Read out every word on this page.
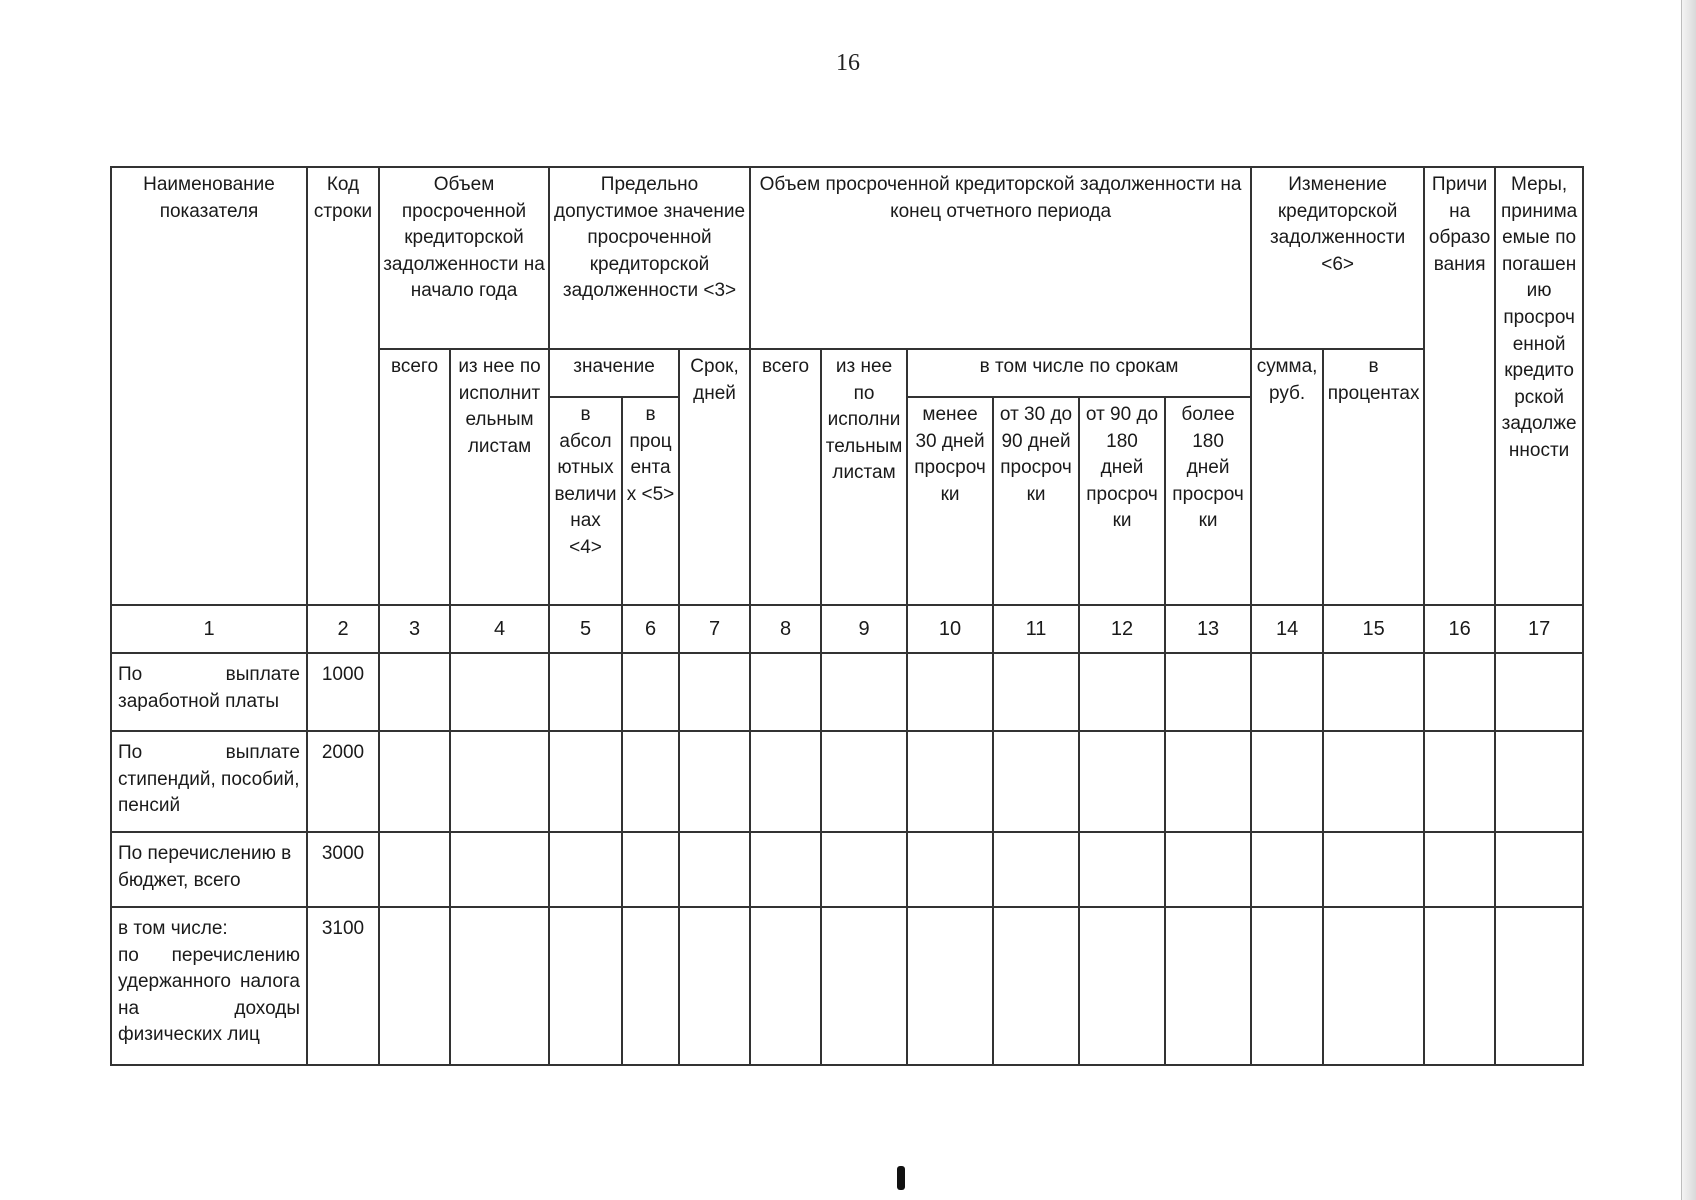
16
Наименование показателя	Код строки	Объем просроченной кредиторской задолженности на начало года		Предельно допустимое значение просроченной кредиторской задолженности <3>			Объем просроченной кредиторской задолженности на конец отчетного периода						Изменение кредиторской задолженности <6>		Причина образования	Меры, принимаемые по погашению просроченной кредиторской задолженности
		всего	из нее по исполнительным листам	значение		Срок, дней	всего	из нее по исполнительным листам	в том числе по срокам				сумма, руб.	в процентах		
				в абсолютных величинах <4>	в процентах <5>				менее 30 дней просрочки	от 30 до 90 дней просрочки	от 90 до 180 дней просрочки	более 180 дней просрочки				
1	2	3	4	5	6	7	8	9	10	11	12	13	14	15	16	17

По выплате
заработной платы	1000															

По выплате
стипендий, пособий, пенсий	2000															
По перечислению в бюджет, всего	3000															
в том числе:

по перечислению удержанного налога на доходы физических лиц	3100															
